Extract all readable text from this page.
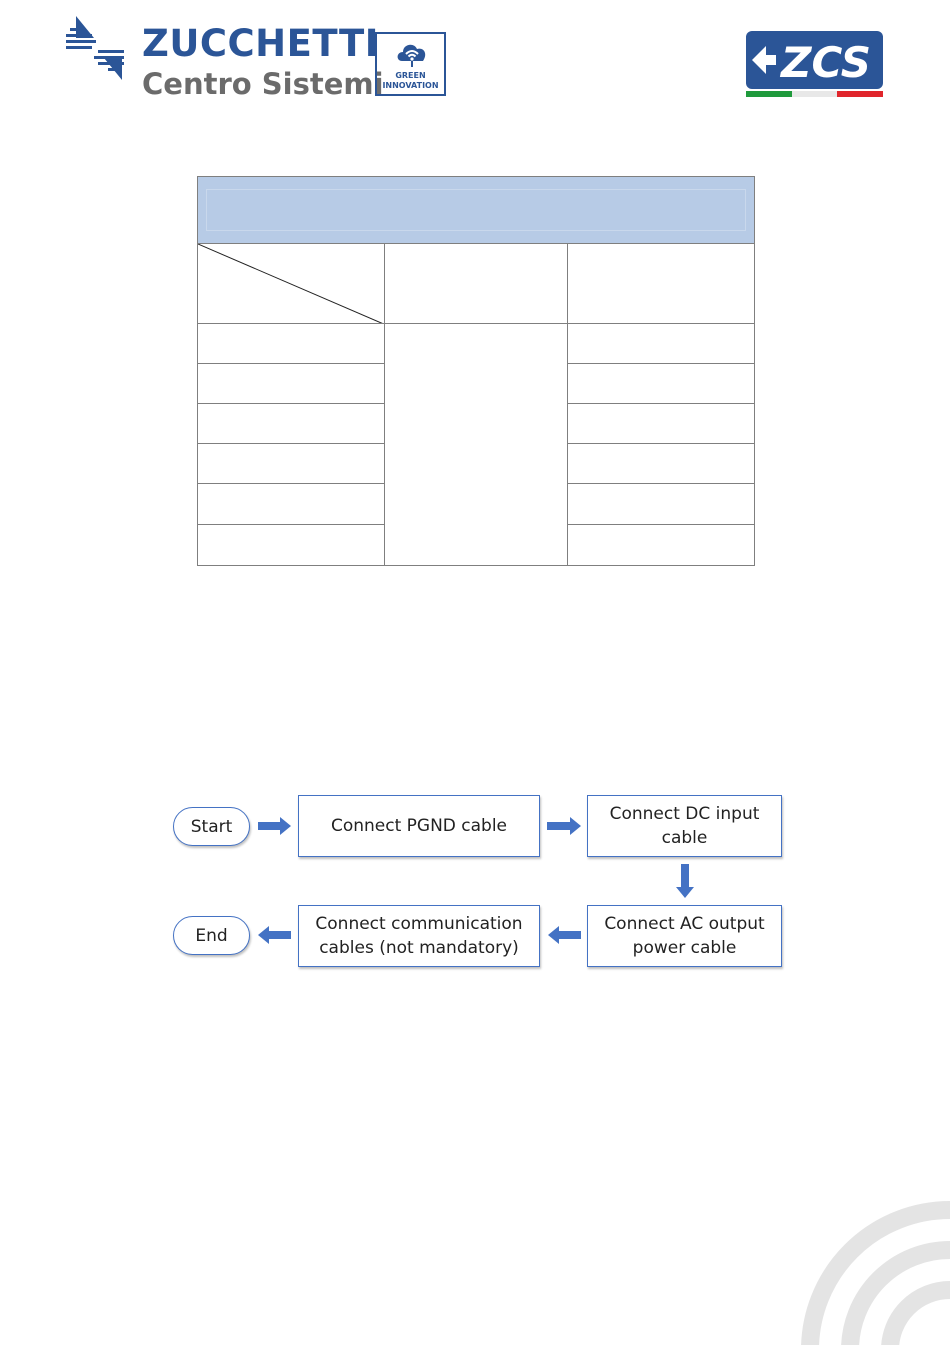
ZUCCHETTI
Centro Sistemi	GREEN
INNOVATION	ZCS
Start	Connect PGND cable
Connect DC input cable
Connect AC output power cable
Connect communication cables (not mandatory)
End
